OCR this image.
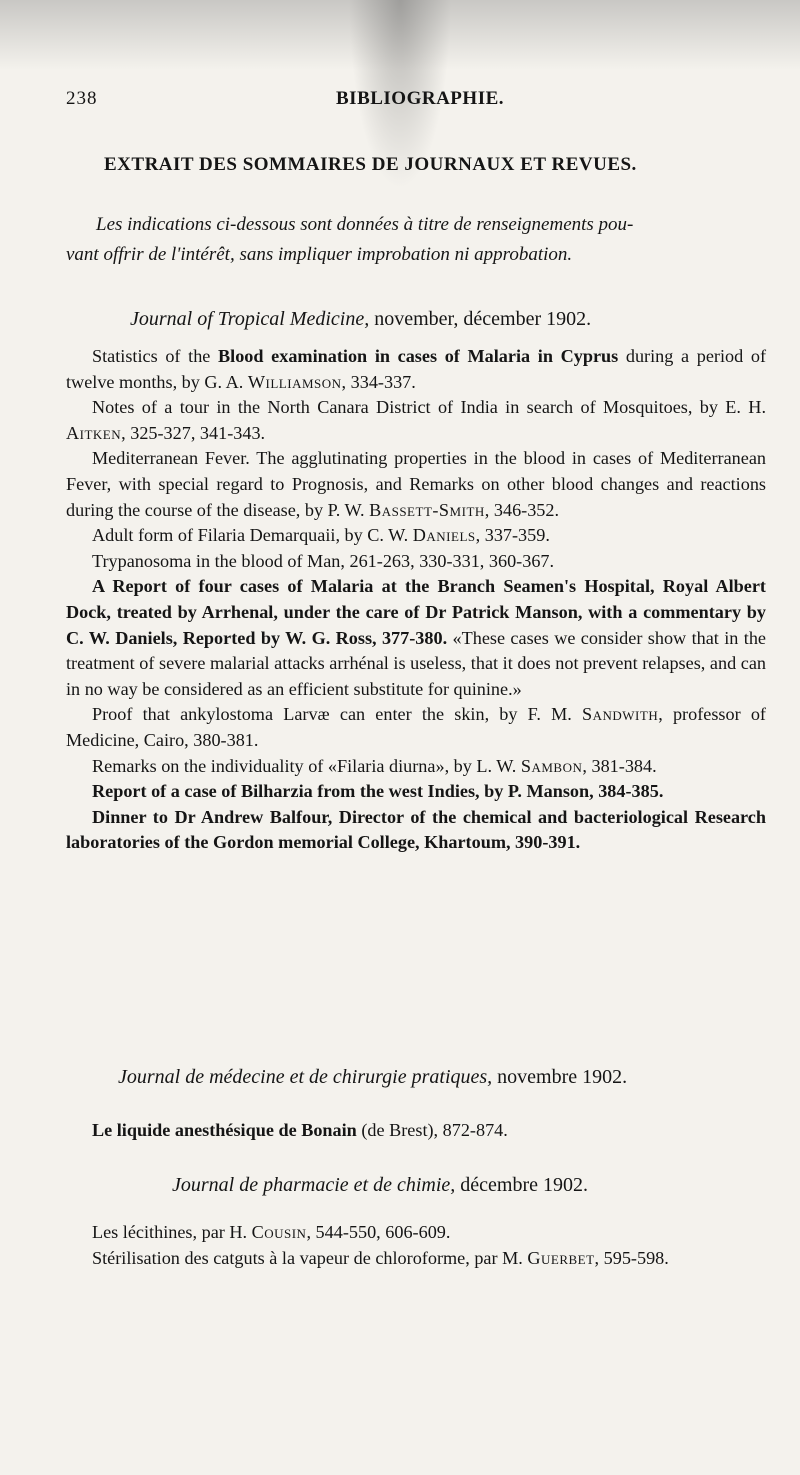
238	BIBLIOGRAPHIE.
EXTRAIT DES SOMMAIRES DE JOURNAUX ET REVUES.
Les indications ci-dessous sont données à titre de renseignements pou-
vant offrir de l'intérêt, sans impliquer improbation ni approbation.
Journal of Tropical Medicine, november, décember 1902.

Statistics of the Blood examination in cases of Malaria in Cyprus during a period of twelve months, by G. A. Williamson, 334-337.

Notes of a tour in the North Canara District of India in search of Mosquitoes, by E. H. Aitken, 325-327, 341-343.

Mediterranean Fever. The agglutinating properties in the blood in cases of Mediterranean Fever, with special regard to Prognosis, and Remarks on other blood changes and reactions during the course of the disease, by P. W. Bassett-Smith, 346-352.

Adult form of Filaria Demarquaii, by C. W. Daniels, 337-359.

Trypanosoma in the blood of Man, 261-263, 330-331, 360-367.

A Report of four cases of Malaria at the Branch Seamen's Hospital, Royal Albert Dock, treated by Arrhenal, under the care of Dr Patrick Manson, with a commentary by C. W. Daniels, Reported by W. G. Ross, 377-380. «These cases we consider show that in the treatment of severe malarial attacks arrhénal is useless, that it does not prevent relapses, and can in no way be considered as an efficient substitute for quinine.»

Proof that ankylostoma Larvæ can enter the skin, by F. M. Sandwith, professor of Medicine, Cairo, 380-381.

Remarks on the individuality of «Filaria diurna», by L. W. Sambon, 381-384.

Report of a case of Bilharzia from the west Indies, by P. Manson, 384-385.

Dinner to Dr Andrew Balfour, Director of the chemical and bacteriological Research laboratories of the Gordon memorial College, Khartoum, 390-391.

Journal de médecine et de chirurgie pratiques, novembre 1902.

Le liquide anesthésique de Bonain (de Brest), 872-874.

Journal de pharmacie et de chimie, décembre 1902.

Les lécithines, par H. Cousin, 544-550, 606-609.

Stérilisation des catguts à la vapeur de chloroforme, par M. Guerbet, 595-598.
